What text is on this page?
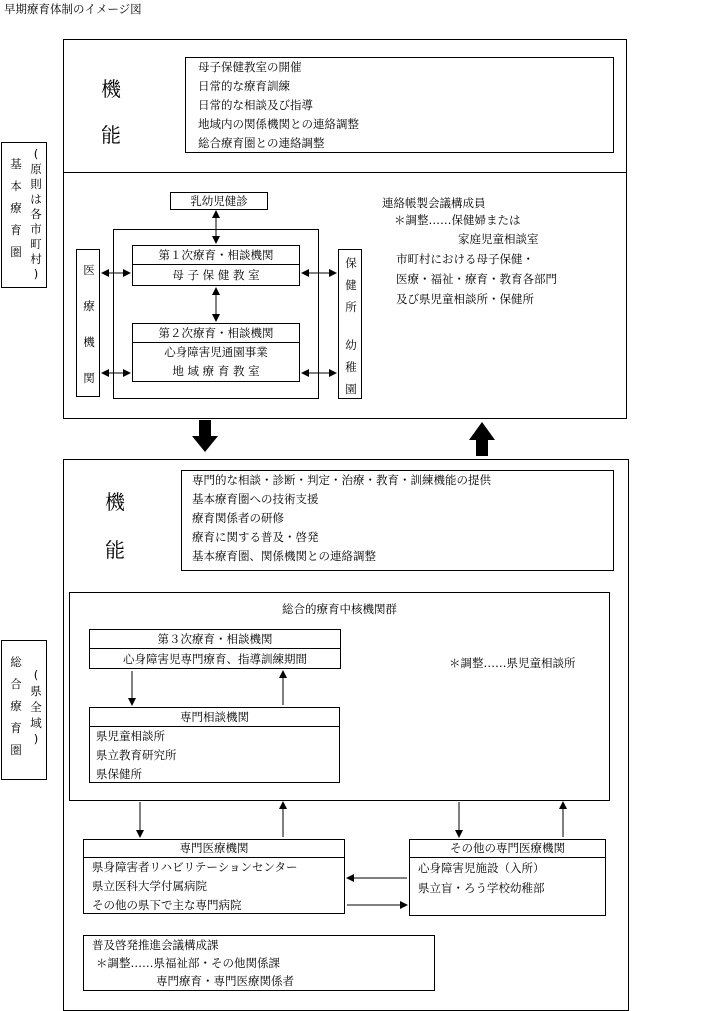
早期療育体制のイメージ図
基
本
療
育
圏
(
原
則
は
各
市
町
村
)
機
能
母子保健教室の開催
日常的な療育訓練
日常的な相談及び指導
地域内の関係機関との連絡調整
総合療育圏との連絡調整
乳幼児健診
医
療
機
関
保
健
所
幼
稚
園
第１次療育・相談機関
母 子 保 健 教 室
第２次療育・相談機関
心身障害児通園事業
地 域 療 育 教 室
連絡帳製会議構成員
＊調整……保健婦または
家庭児童相談室
市町村における母子保健・
医療・福祉・療育・教育各部門
及び県児童相談所・保健所
総
合
療
育
圏
(
県
全
域
)
機
能
専門的な相談・診断・判定・治療・教育・訓練機能の提供
基本療育圏への技術支援
療育関係者の研修
療育に関する普及・啓発
基本療育圏、関係機関との連絡調整
総合的療育中核機関群
第３次療育・相談機関
心身障害児専門療育、指導訓練期間	＊調整……県児童相談所
専門相談機関
県児童相談所
県立教育研究所
県保健所
専門医療機関
県身障害者リハビリテーションセンター
県立医科大学付属病院
その他の県下で主な専門病院
その他の専門医療機関
心身障害児施設（入所）
県立盲・ろう学校幼稚部
普及啓発推進会議構成課
＊調整……県福祉部・その他関係課
専門療育・専門医療関係者
